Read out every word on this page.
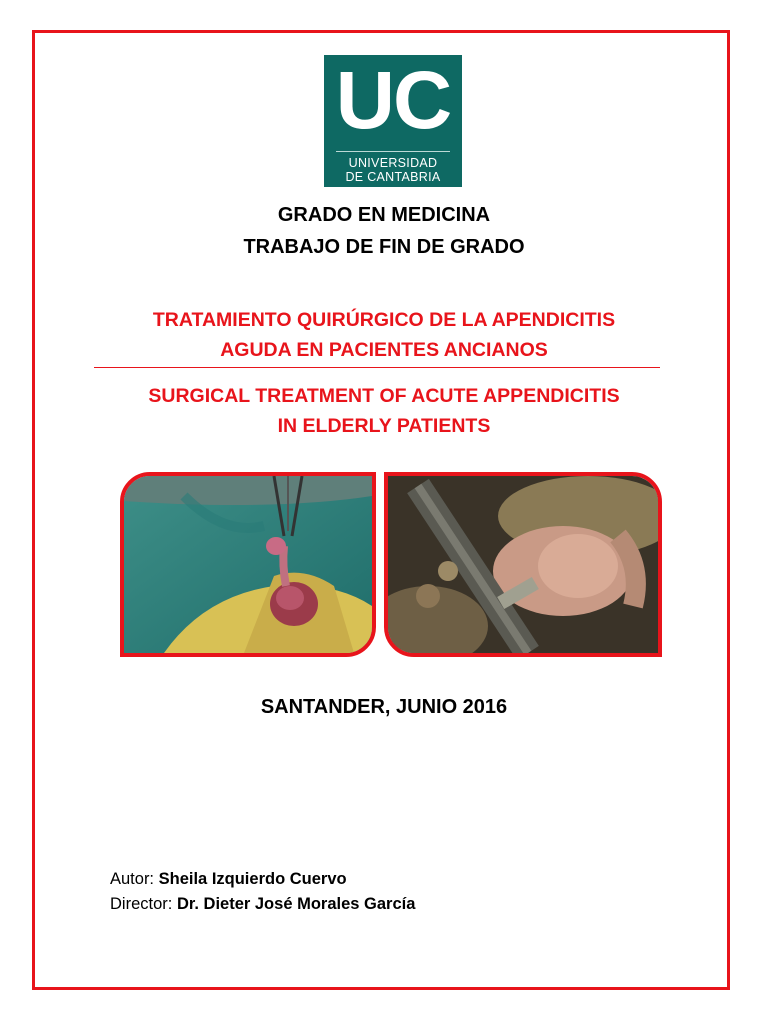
UC
UNIVERSIDAD
DE CANTABRIA
GRADO EN MEDICINA
TRABAJO DE FIN DE GRADO
TRATAMIENTO QUIRÚRGICO DE LA APENDICITIS
AGUDA EN PACIENTES ANCIANOS
SURGICAL TREATMENT OF ACUTE APPENDICITIS
IN ELDERLY PATIENTS
SANTANDER, JUNIO 2016
Autor: Sheila Izquierdo Cuervo
Director: Dr. Dieter José Morales García
